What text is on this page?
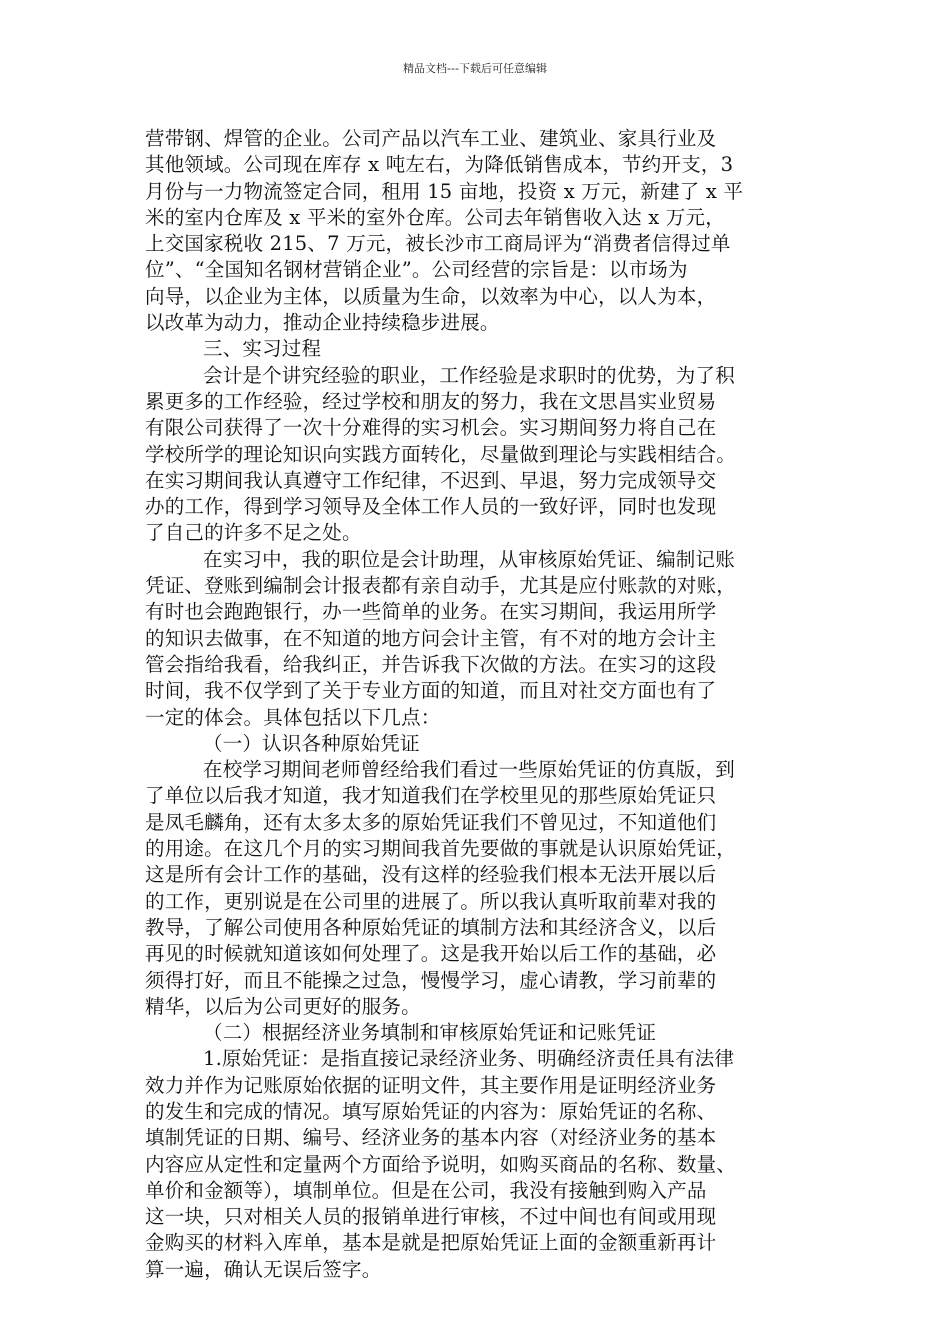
精品文档---下载后可任意编辑
营带钢、焊管的企业。公司产品以汽车工业、建筑业、家具行业及
其他领域。公司现在库存 x 吨左右，为降低销售成本，节约开支，3
月份与一力物流签定合同，租用 15 亩地，投资 x 万元，新建了 x 平
米的室内仓库及 x 平米的室外仓库。公司去年销售收入达 x 万元，
上交国家税收 215、7 万元，被长沙市工商局评为“消费者信得过单
位”、“全国知名钢材营销企业”。公司经营的宗旨是：以市场为
向导，以企业为主体，以质量为生命，以效率为中心，以人为本，
以改革为动力，推动企业持续稳步进展。
三、实习过程
会计是个讲究经验的职业，工作经验是求职时的优势，为了积
累更多的工作经验，经过学校和朋友的努力，我在文思昌实业贸易
有限公司获得了一次十分难得的实习机会。实习期间努力将自己在
学校所学的理论知识向实践方面转化，尽量做到理论与实践相结合。
在实习期间我认真遵守工作纪律，不迟到、早退，努力完成领导交
办的工作，得到学习领导及全体工作人员的一致好评，同时也发现
了自己的许多不足之处。
在实习中，我的职位是会计助理，从审核原始凭证、编制记账
凭证、登账到编制会计报表都有亲自动手，尤其是应付账款的对账，
有时也会跑跑银行，办一些简单的业务。在实习期间，我运用所学
的知识去做事，在不知道的地方问会计主管，有不对的地方会计主
管会指给我看，给我纠正，并告诉我下次做的方法。在实习的这段
时间，我不仅学到了关于专业方面的知道，而且对社交方面也有了
一定的体会。具体包括以下几点：
（一）认识各种原始凭证
在校学习期间老师曾经给我们看过一些原始凭证的仿真版，到
了单位以后我才知道，我才知道我们在学校里见的那些原始凭证只
是凤毛麟角，还有太多太多的原始凭证我们不曾见过，不知道他们
的用途。在这几个月的实习期间我首先要做的事就是认识原始凭证，
这是所有会计工作的基础，没有这样的经验我们根本无法开展以后
的工作，更别说是在公司里的进展了。所以我认真听取前辈对我的
教导，了解公司使用各种原始凭证的填制方法和其经济含义，以后
再见的时候就知道该如何处理了。这是我开始以后工作的基础，必
须得打好，而且不能操之过急，慢慢学习，虚心请教，学习前辈的
精华，以后为公司更好的服务。
（二）根据经济业务填制和审核原始凭证和记账凭证
1.原始凭证：是指直接记录经济业务、明确经济责任具有法律
效力并作为记账原始依据的证明文件，其主要作用是证明经济业务
的发生和完成的情况。填写原始凭证的内容为：原始凭证的名称、
填制凭证的日期、编号、经济业务的基本内容（对经济业务的基本
内容应从定性和定量两个方面给予说明，如购买商品的名称、数量、
单价和金额等），填制单位。但是在公司，我没有接触到购入产品
这一块，只对相关人员的报销单进行审核，不过中间也有间或用现
金购买的材料入库单，基本是就是把原始凭证上面的金额重新再计
算一遍，确认无误后签字。
